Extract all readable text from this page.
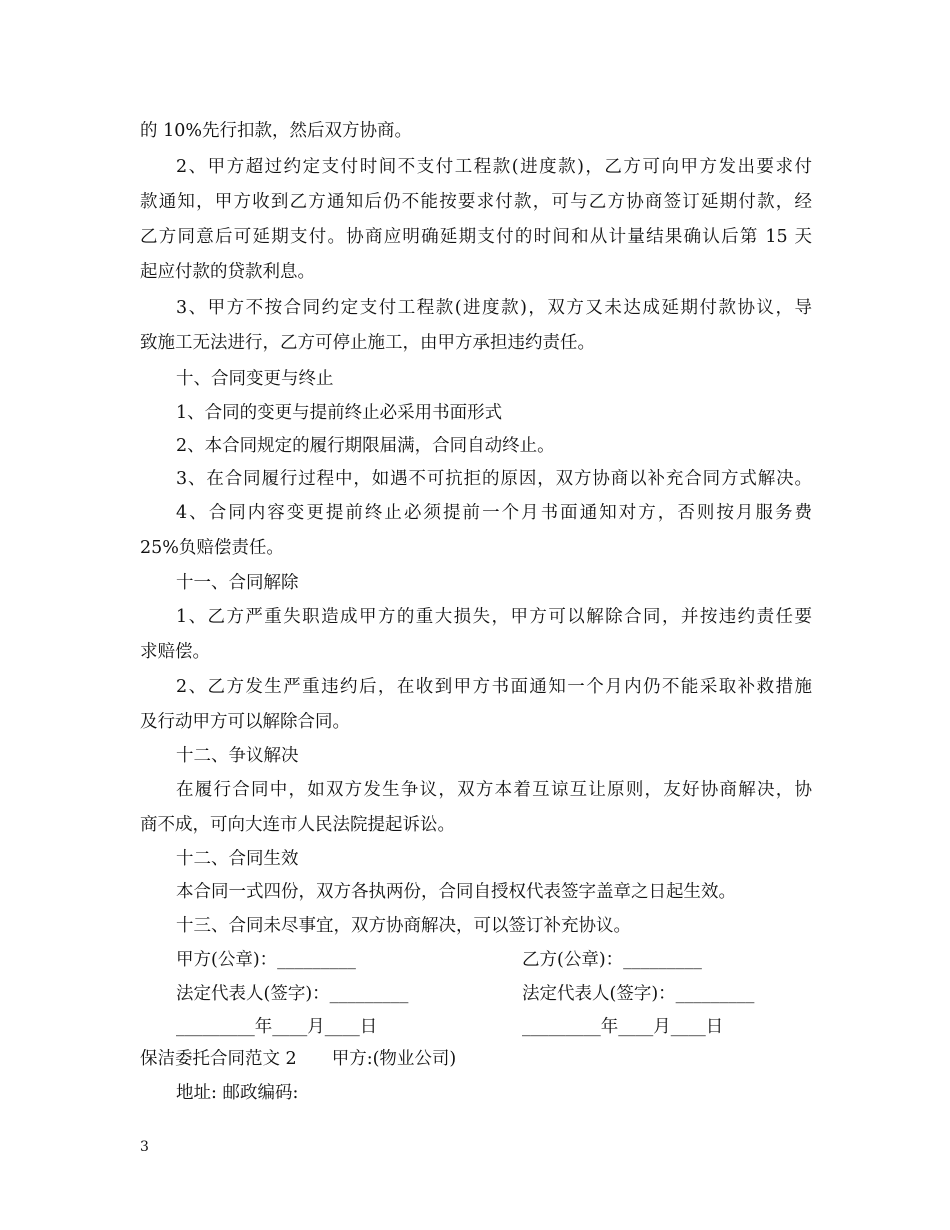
的 10%先行扣款，然后双方协商。
2、甲方超过约定支付时间不支付工程款(进度款)，乙方可向甲方发出要求付
款通知，甲方收到乙方通知后仍不能按要求付款，可与乙方协商签订延期付款，经
乙方同意后可延期支付。协商应明确延期支付的时间和从计量结果确认后第 15 天
起应付款的贷款利息。
3、甲方不按合同约定支付工程款(进度款)，双方又未达成延期付款协议，导
致施工无法进行，乙方可停止施工，由甲方承担违约责任。
十、合同变更与终止
1、合同的变更与提前终止必采用书面形式
2、本合同规定的履行期限届满，合同自动终止。
3、在合同履行过程中，如遇不可抗拒的原因，双方协商以补充合同方式解决。
4、合同内容变更提前终止必须提前一个月书面通知对方，否则按月服务费
25%负赔偿责任。
十一、合同解除
1、乙方严重失职造成甲方的重大损失，甲方可以解除合同，并按违约责任要
求赔偿。
2、乙方发生严重违约后，在收到甲方书面通知一个月内仍不能采取补救措施
及行动甲方可以解除合同。
十二、争议解决
在履行合同中，如双方发生争议，双方本着互谅互让原则，友好协商解决，协
商不成，可向大连市人民法院提起诉讼。
十二、合同生效
本合同一式四份，双方各执两份，合同自授权代表签字盖章之日起生效。
十三、合同未尽事宜，双方协商解决，可以签订补充协议。
甲方(公章)：_________	乙方(公章)：_________
法定代表人(签字)：_________	法定代表人(签字)：_________
_________年____月____日	_________年____月____日
保洁委托合同范文 2　　甲方:(物业公司)
地址: 邮政编码:
3
